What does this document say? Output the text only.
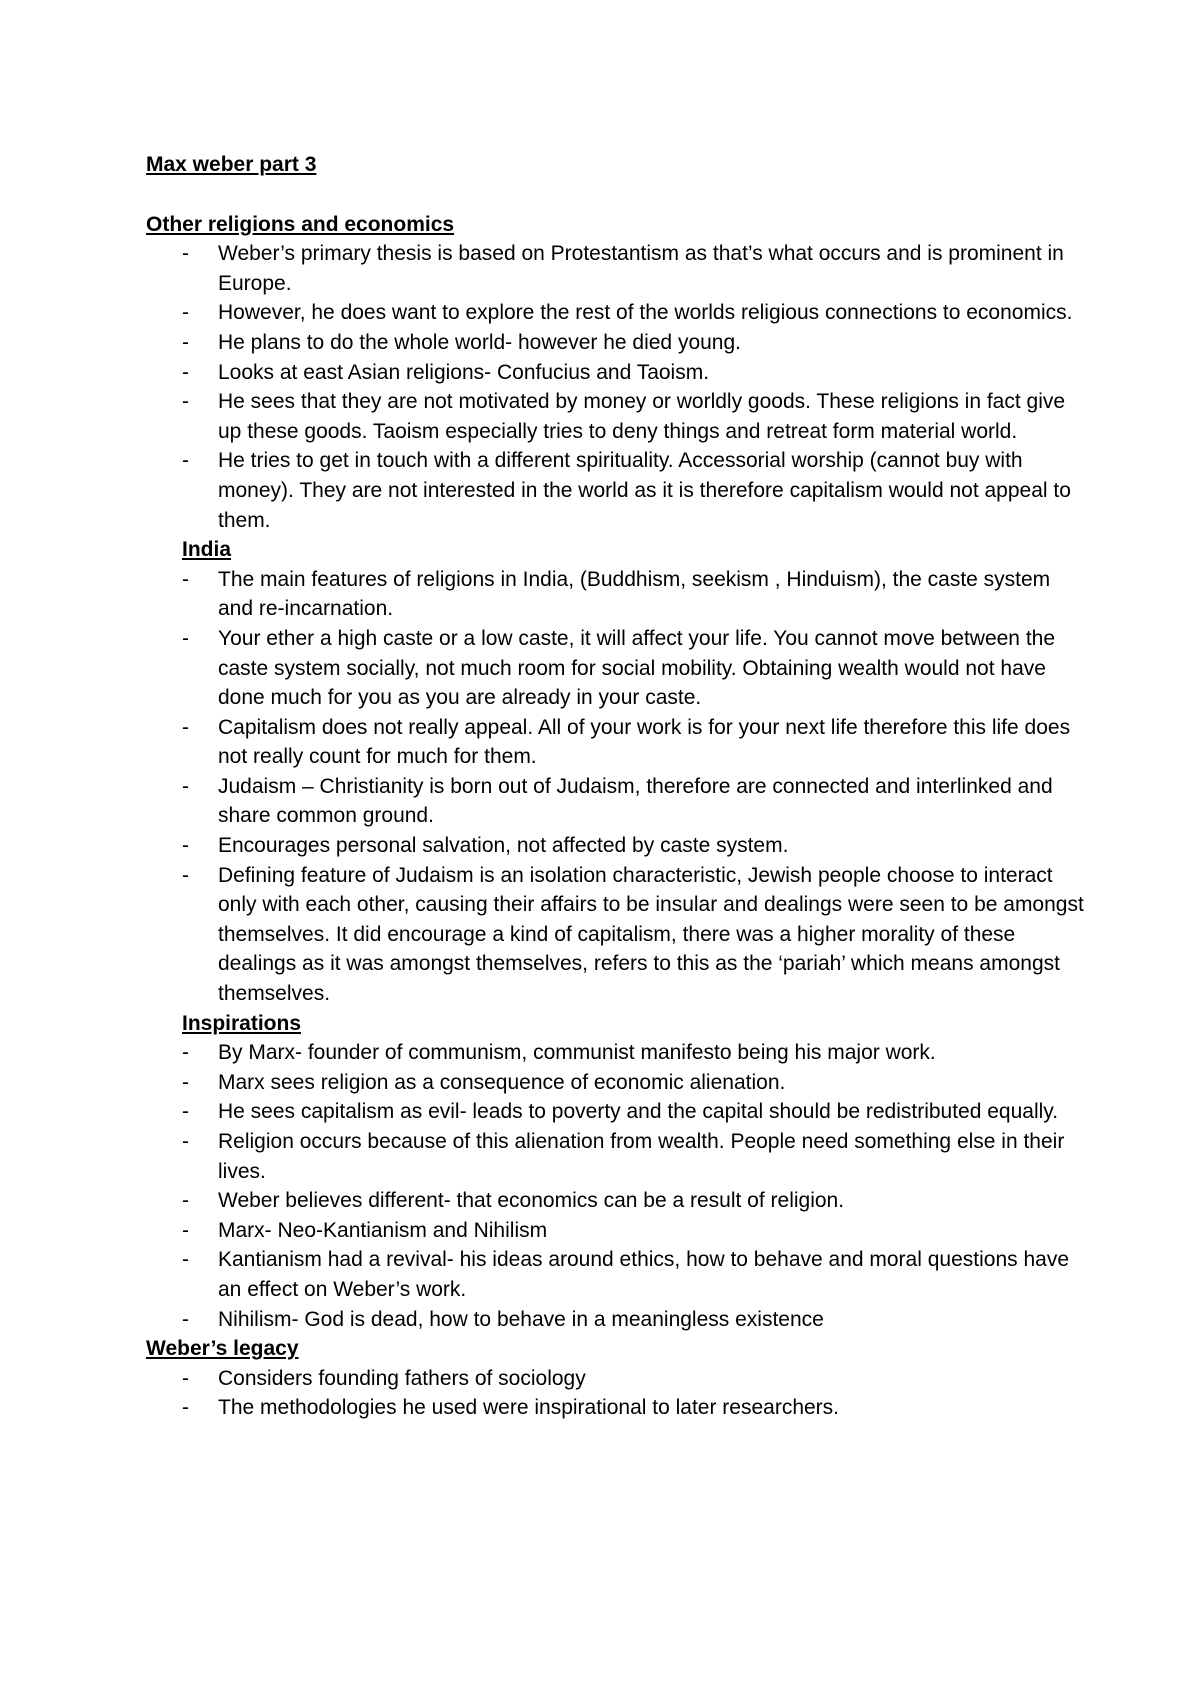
Max weber part 3

Other religions and economics

- Weber’s primary thesis is based on Protestantism as that’s what occurs and is prominent in Europe.
- However, he does want to explore the rest of the worlds religious connections to economics.
- He plans to do the whole world- however he died young.
- Looks at east Asian religions- Confucius and Taoism.
- He sees that they are not motivated by money or worldly goods. These religions in fact give up these goods. Taoism especially tries to deny things and retreat form material world.
- He tries to get in touch with a different spirituality. Accessorial worship (cannot buy with money). They are not interested in the world as it is therefore capitalism would not appeal to them.

India

- The main features of religions in India, (Buddhism, seekism , Hinduism), the caste system and re-incarnation.
- Your ether a high caste or a low caste, it will affect your life. You cannot move between the caste system socially, not much room for social mobility. Obtaining wealth would not have done much for you as you are already in your caste.
- Capitalism does not really appeal. All of your work is for your next life therefore this life does not really count for much for them.
- Judaism – Christianity is born out of Judaism, therefore are connected and interlinked and share common ground.
- Encourages personal salvation, not affected by caste system.
- Defining feature of Judaism is an isolation characteristic, Jewish people choose to interact only with each other, causing their affairs to be insular and dealings were seen to be amongst themselves. It did encourage a kind of capitalism, there was a higher morality of these dealings as it was amongst themselves, refers to this as the ‘pariah’ which means amongst themselves.

Inspirations

- By Marx- founder of communism, communist manifesto being his major work.
- Marx sees religion as a consequence of economic alienation.
- He sees capitalism as evil- leads to poverty and the capital should be redistributed equally.
- Religion occurs because of this alienation from wealth. People need something else in their lives.
- Weber believes different- that economics can be a result of religion.
- Marx- Neo-Kantianism and Nihilism
- Kantianism had a revival- his ideas around ethics, how to behave and moral questions have an effect on Weber’s work.
- Nihilism- God is dead, how to behave in a meaningless existence

Weber’s legacy

- Considers founding fathers of sociology
- The methodologies he used were inspirational to later researchers.
